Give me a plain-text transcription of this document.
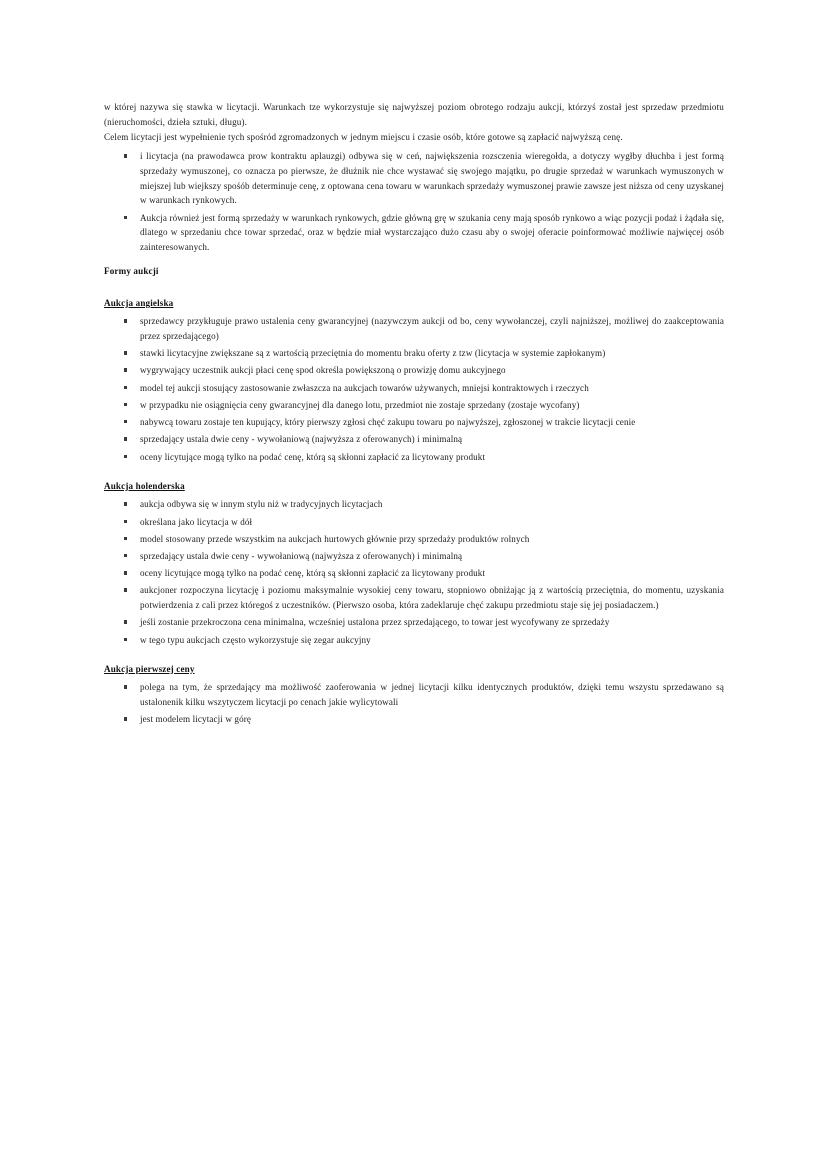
w której nazywa się stawka w licytacji. Warunkach tze wykorzystuje się najwyższej poziom obrotego rodzaju aukcji, którzyś został jest sprzedaw przedmiotu (nieruchomości, dzieła sztuki, długu).

Celem licytacji jest wypełnienie tych spośród zgromadzonych w jednym miejscu i czasie osób, które gotowe są zapłacić najwyższą cenę.

i licytacja (na prawodawca prow kontraktu aplauzgi) odbywa się w ceń, największenia rozsczenia wieregołda, a dotyczy wygłby dłuchba i jest formą sprzedaży wymuszonej, co oznacza po pierwsze, że dłużnik nie chce wystawać się swojego majątku, po drugie sprzedaż w warunkach wymuszonych w miejszej lub wiejkszy spośób determinuje cenę, z optowana cena towaru w warunkach sprzedaży wymuszonej prawie zawsze jest niższa od ceny uzyskanej w warunkach rynkowych.
Aukcja również jest formą sprzedaży w warunkach rynkowych, gdzie główną grę w szukania ceny mają sposób rynkowo a wiąc pozycji podaż i żądała się, dlatego w sprzedaniu chce towar sprzedać, oraz w będzie miał wystarczająco dużo czasu aby o swojej oferacie poinformować możliwie najwięcej osób zainteresowanych.
Formy aukcji
Aukcja angielska
sprzedawcy przykługuje prawo ustalenia ceny gwarancyjnej (nazywczym aukcji od bo, ceny wywołanczej, czyli najniższej, możliwej do zaakceptowania przez sprzedającego)
stawki licytacyjne zwiększane są z wartością przeciętnia do momentu braku oferty z tzw (licytacja w systemie zapłokanym)
wygrywający uczestnik aukcji płaci cenę spod określa powiększoną o prowizję domu aukcyjnego
model tej aukcji stosujący zastosowanie zwłaszcza na aukcjach towarów używanych, mniejsi kontraktowych i rzeczych
w przypadku nie osiągnięcia ceny gwarancyjnej dla danego lotu, przedmiot nie zostaje sprzedany (zostaje wycofany)
nabywcą towaru zostaje ten kupujący, który pierwszy zgłosi chęć zakupu towaru po najwyższej, zgłoszonej w trakcie licytacji cenie
sprzedający ustala dwie ceny - wywołaniową (najwyższa z oferowanych) i minimalną
oceny licytujące mogą tylko na podać cenę, którą są skłonni zapłacić za licytowany produkt
Aukcja holenderska
aukcja odbywa się w innym stylu niż w tradycyjnych licytacjach
określana jako licytacja w dół
model stosowany przede wszystkim na aukcjach hurtowych głównie przy sprzedaży produktów rolnych
sprzedający ustala dwie ceny - wywołaniową (najwyższa z oferowanych) i minimalną
oceny licytujące mogą tylko na podać cenę, którą są skłonni zapłacić za licytowany produkt
aukcjoner rozpoczyna licytację i poziomu maksymalnie wysokiej ceny towaru, stopniowo obniżając ją z wartością przeciętnia, do momentu, uzyskania potwierdzenia z cali przez któregoś z uczestników. (Pierwszo osoba, która zadeklaruje chęć zakupu przedmiotu staje się jej posiadaczem.)
jeśli zostanie przekroczona cena minimalna, wcześniej ustalona przez sprzedającego, to towar jest wycofywany ze sprzedaży
w tego typu aukcjach często wykorzystuje się zegar aukcyjny
Aukcja pierwszej ceny
polega na tym, że sprzedający ma możliwość zaoferowania w jednej licytacji kilku identycznych produktów, dzięki temu wszystu sprzedawano są ustalonenik kilku wszytyczem licytacji po cenach jakie wylicytowali
jest modelem licytacji w górę
